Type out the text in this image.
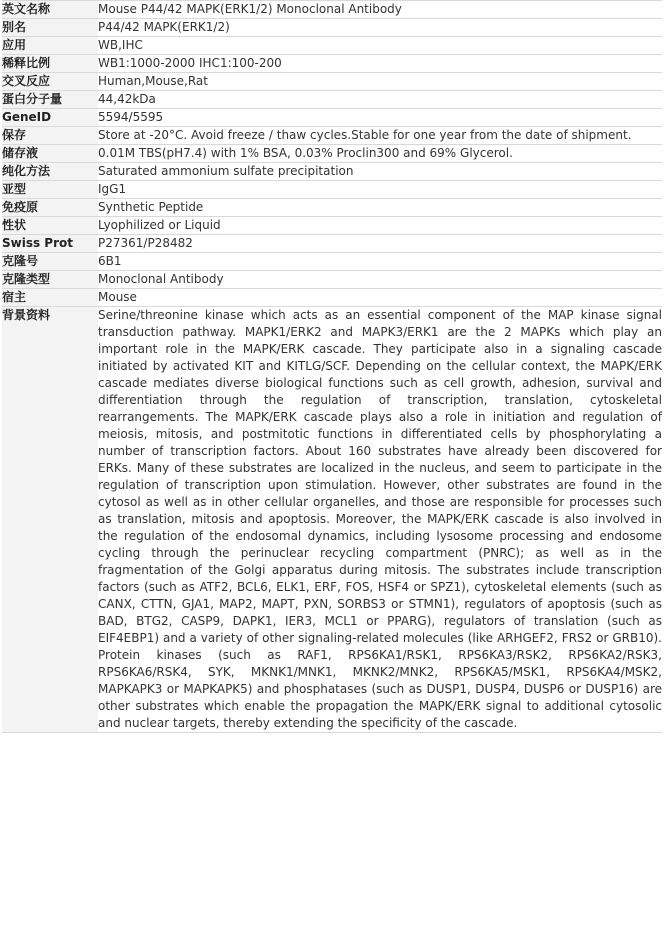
英文名称	Mouse P44/42 MAPK(ERK1/2) Monoclonal Antibody
别名	P44/42 MAPK(ERK1/2)
应用	WB,IHC
稀释比例	WB1:1000-2000 IHC1:100-200
交叉反应	Human,Mouse,Rat
蛋白分子量	44,42kDa
GeneID	5594/5595
保存	Store at -20°C. Avoid freeze / thaw cycles.Stable for one year from the date of shipment.
储存液	0.01M TBS(pH7.4) with 1% BSA, 0.03% Proclin300 and 69% Glycerol.
纯化方法	Saturated ammonium sulfate precipitation
亚型	IgG1
免疫原	Synthetic Peptide
性状	Lyophilized or Liquid
Swiss Prot	P27361/P28482
克隆号	6B1
克隆类型	Monoclonal Antibody
宿主	Mouse
背景资料	Serine/threonine kinase which acts as an essential component of the MAP kinase signal transduction pathway. MAPK1/ERK2 and MAPK3/ERK1 are the 2 MAPKs which play an important role in the MAPK/ERK cascade. They participate also in a signaling cascade initiated by activated KIT and KITLG/SCF. Depending on the cellular context, the MAPK/ERK cascade mediates diverse biological functions such as cell growth, adhesion, survival and differentiation through the regulation of transcription, translation, cytoskeletal rearrangements. The MAPK/ERK cascade plays also a role in initiation and regulation of meiosis, mitosis, and postmitotic functions in differentiated cells by phosphorylating a number of transcription factors. About 160 substrates have already been discovered for ERKs. Many of these substrates are localized in the nucleus, and seem to participate in the regulation of transcription upon stimulation. However, other substrates are found in the cytosol as well as in other cellular organelles, and those are responsible for processes such as translation, mitosis and apoptosis. Moreover, the MAPK/ERK cascade is also involved in the regulation of the endosomal dynamics, including lysosome processing and endosome cycling through the perinuclear recycling compartment (PNRC); as well as in the fragmentation of the Golgi apparatus during mitosis. The substrates include transcription factors (such as ATF2, BCL6, ELK1, ERF, FOS, HSF4 or SPZ1), cytoskeletal elements (such as CANX, CTTN, GJA1, MAP2, MAPT, PXN, SORBS3 or STMN1), regulators of apoptosis (such as BAD, BTG2, CASP9, DAPK1, IER3, MCL1 or PPARG), regulators of translation (such as EIF4EBP1) and a variety of other signaling-related molecules (like ARHGEF2, FRS2 or GRB10). Protein kinases (such as RAF1, RPS6KA1/RSK1, RPS6KA3/RSK2, RPS6KA2/RSK3, RPS6KA6/RSK4, SYK, MKNK1/MNK1, MKNK2/MNK2, RPS6KA5/MSK1, RPS6KA4/MSK2, MAPKAPK3 or MAPKAPK5) and phosphatases (such as DUSP1, DUSP4, DUSP6 or DUSP16) are other substrates which enable the propagation the MAPK/ERK signal to additional cytosolic and nuclear targets, thereby extending the specificity of the cascade.
